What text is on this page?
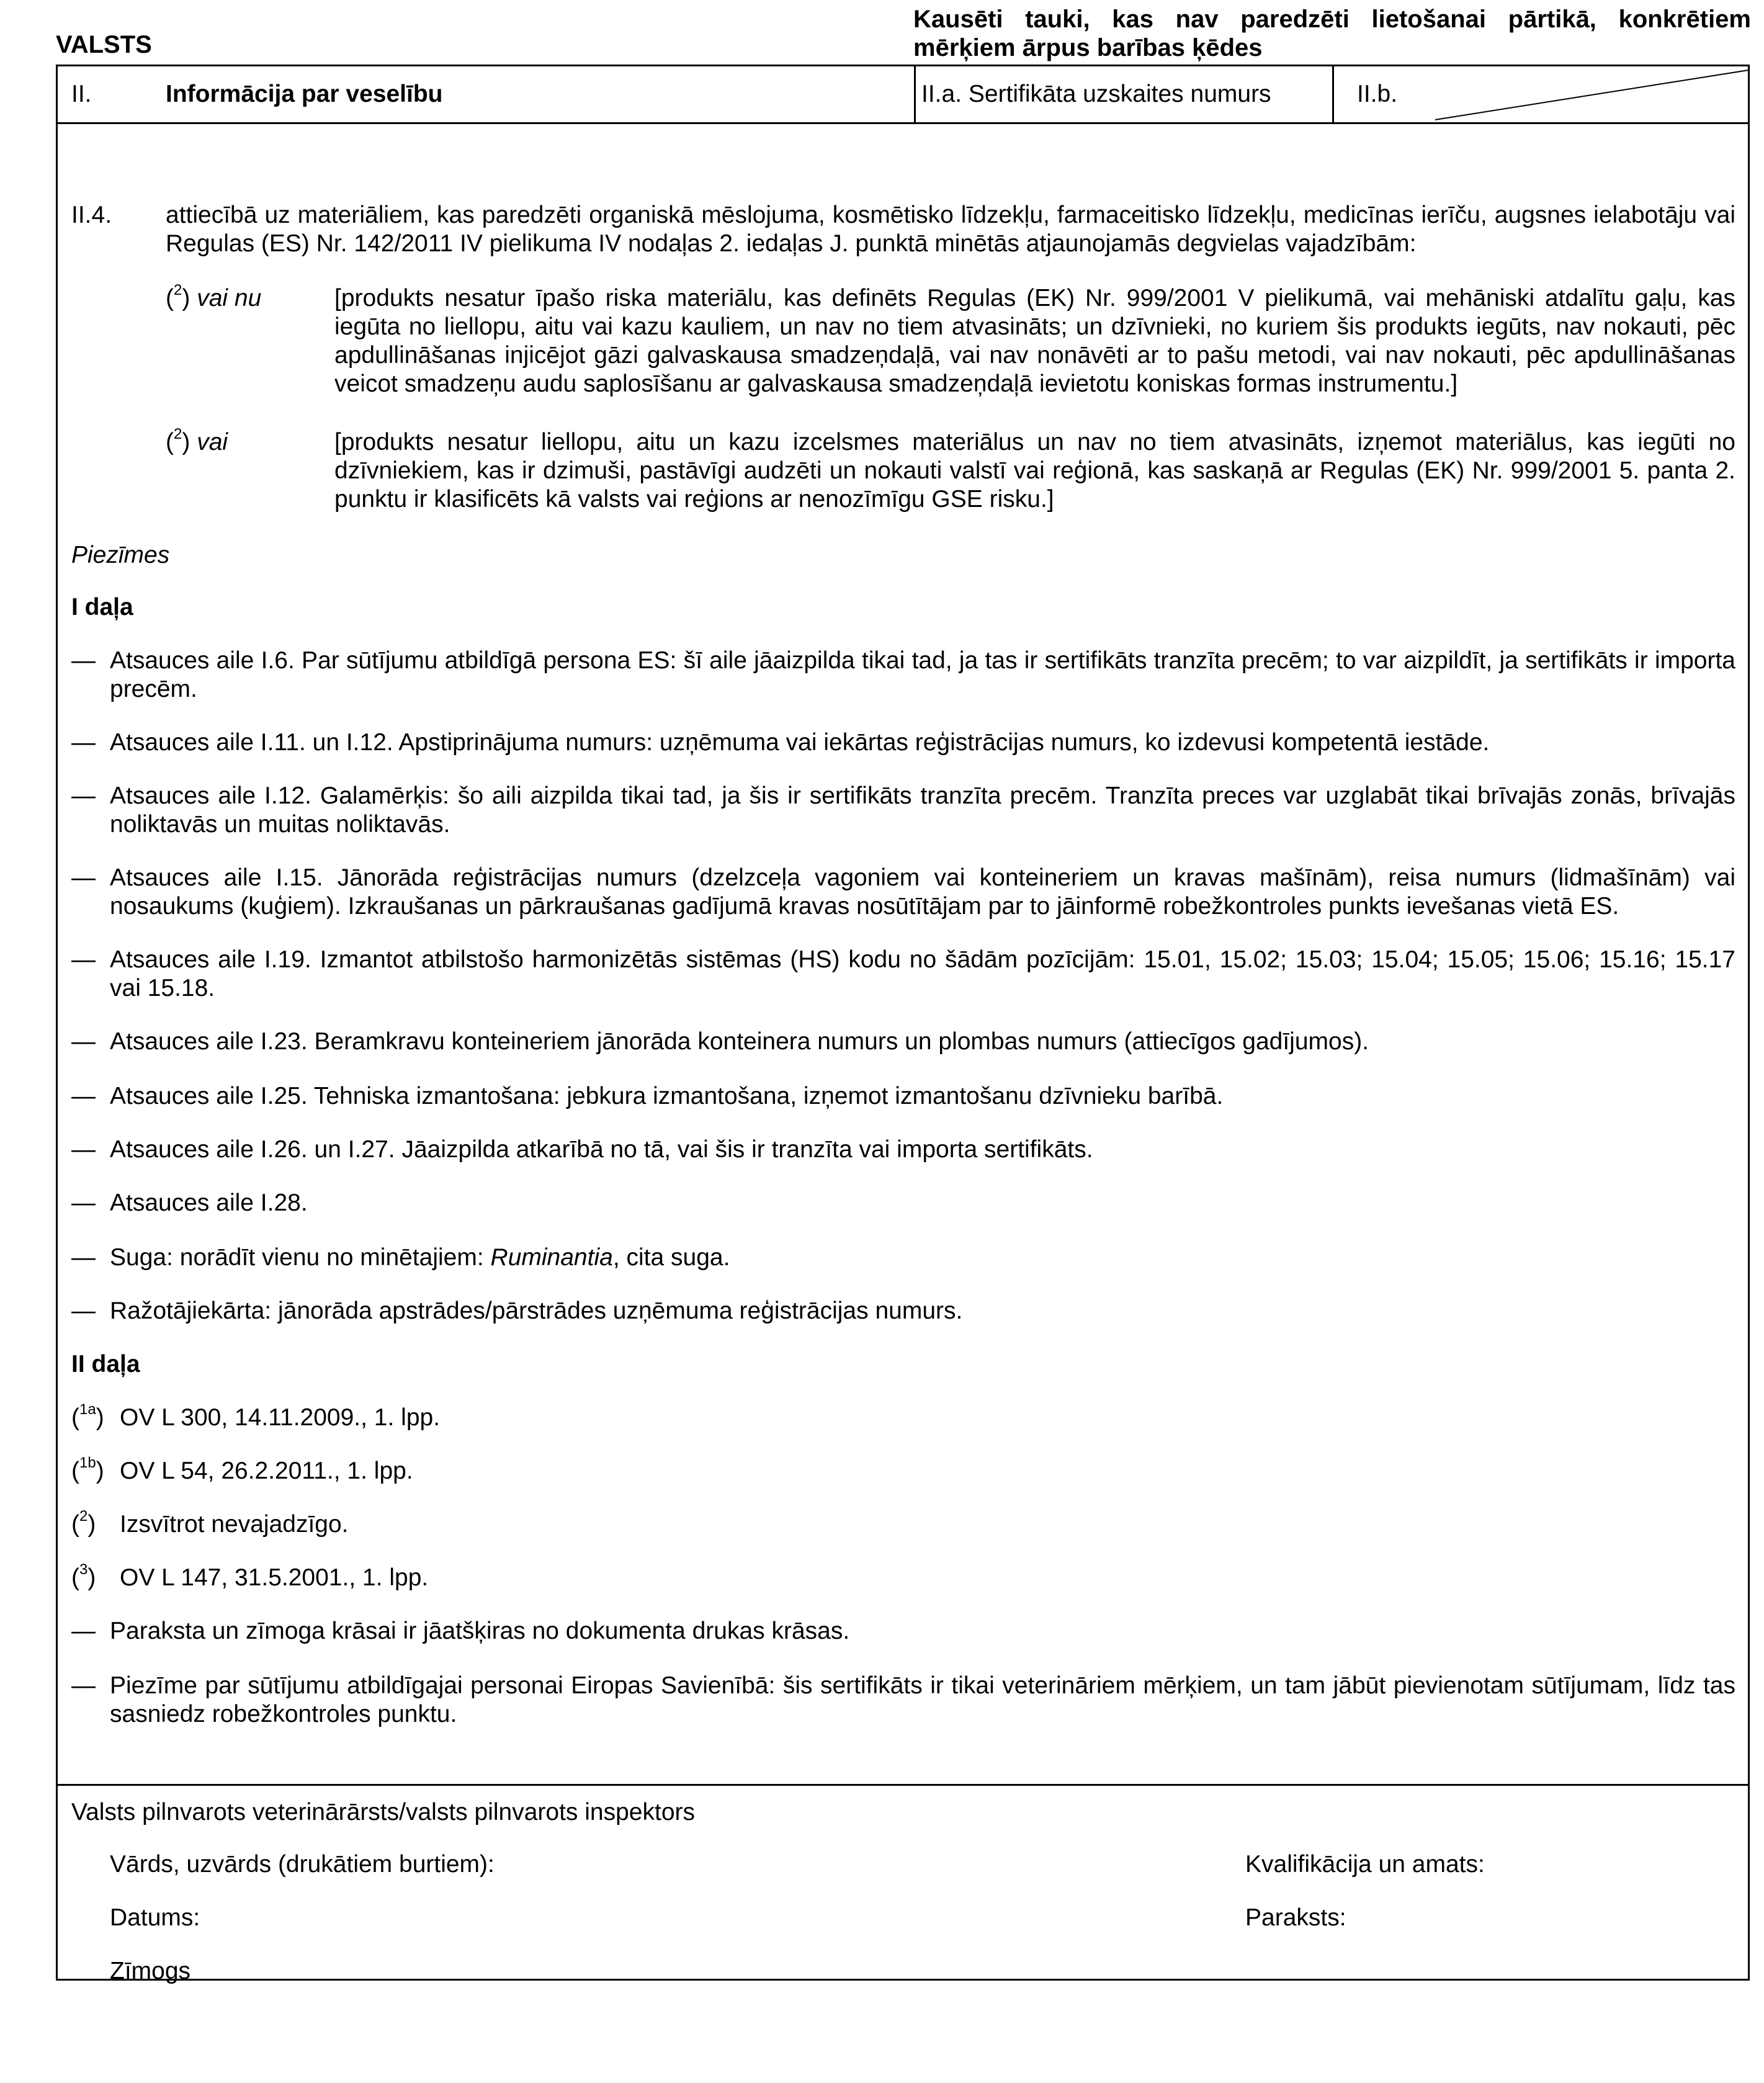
VALSTS
Kausēti tauki, kas nav paredzēti lietošanai pārtikā, konkrētiem mērķiem ārpus barības ķēdes
II.	Informācija par veselību	II.a. Sertifikāta uzskaites numurs	II.b.
II.4. attiecībā uz materiāliem, kas paredzēti organiskā mēslojuma, kosmētisko līdzekļu, farmaceitisko līdzekļu, medicīnas ierīču, augsnes ielabotāju vai Regulas (ES) Nr. 142/2011 IV pielikuma IV nodaļas 2. iedaļas J. punktā minētās atjaunojamās degvielas vajadzībām:
($^2$) vai nu	[produkts nesatur īpašo riska materiālu, kas definēts Regulas (EK) Nr. 999/2001 V pielikumā, vai mehāniski atdalītu gaļu, kas iegūta no liellopu, aitu vai kazu kauliem, un nav no tiem atvasināts; un dzīvnieki, no kuriem šis produkts iegūts, nav nokauti, pēc apdullināšanas injicējot gāzi galvaskausa smadzeņdaļā, vai nav nonāvēti ar to pašu metodi, vai nav nokauti, pēc apdullināšanas veicot smadzeņu audu saplosīšanu ar galvaskausa smadzeņdaļā ievietotu koniskas formas instrumentu.]
($^2$) vai	[produkts nesatur liellopu, aitu un kazu izcelsmes materiālus un nav no tiem atvasināts, izņemot materiālus, kas iegūti no dzīvniekiem, kas ir dzimuši, pastāvīgi audzēti un nokauti valstī vai reģionā, kas saskaņā ar Regulas (EK) Nr. 999/2001 5. panta 2. punktu ir klasificēts kā valsts vai reģions ar nenozīmīgu GSE risku.]
Piezīmes
I daļa
— Atsauces aile I.6. Par sūtījumu atbildīgā persona ES: šī aile jāaizpilda tikai tad, ja tas ir sertifikāts tranzīta precēm; to var aizpildīt, ja sertifikāts ir importa precēm.
— Atsauces aile I.11. un I.12. Apstiprinājuma numurs: uzņēmuma vai iekārtas reģistrācijas numurs, ko izdevusi kompetentā iestāde.
— Atsauces aile I.12. Galamērķis: šo aili aizpilda tikai tad, ja šis ir sertifikāts tranzīta precēm. Tranzīta preces var uzglabāt tikai brīvajās zonās, brīvajās noliktavās un muitas noliktavās.
— Atsauces aile I.15. Jānorāda reģistrācijas numurs (dzelzceļa vagoniem vai konteineriem un kravas mašīnām), reisa numurs (lidmašīnām) vai nosaukums (kuģiem). Izkraušanas un pārkraušanas gadījumā kravas nosūtītājam par to jāinformē robežkontroles punkts ievešanas vietā ES.
— Atsauces aile I.19. Izmantot atbilstošo harmonizētās sistēmas (HS) kodu no šādām pozīcijām: 15.01, 15.02; 15.03; 15.04; 15.05; 15.06; 15.16; 15.17 vai 15.18.
— Atsauces aile I.23. Beramkravu konteineriem jānorāda konteinera numurs un plombas numurs (attiecīgos gadījumos).
— Atsauces aile I.25. Tehniska izmantošana: jebkura izmantošana, izņemot izmantošanu dzīvnieku barībā.
— Atsauces aile I.26. un I.27. Jāaizpilda atkarībā no tā, vai šis ir tranzīta vai importa sertifikāts.
— Atsauces aile I.28.
— Suga: norādīt vienu no minētajiem: Ruminantia, cita suga.
— Ražotājiekārta: jānorāda apstrādes/pārstrādes uzņēmuma reģistrācijas numurs.
II daļa
($^{1a}$) OV L 300, 14.11.2009., 1. lpp.
($^{1b}$) OV L 54, 26.2.2011., 1. lpp.
($^2$) Izsvītrot nevajadzīgo.
($^3$) OV L 147, 31.5.2001., 1. lpp.
— Paraksta un zīmoga krāsai ir jāatšķiras no dokumenta drukas krāsas.
— Piezīme par sūtījumu atbildīgajai personai Eiropas Savienībā: šis sertifikāts ir tikai veterināriem mērķiem, un tam jābūt pievienotam sūtījumam, līdz tas sasniedz robežkontroles punktu.
Valsts pilnvarots veterinārārsts/valsts pilnvarots inspektors
Vārds, uzvārds (drukātiem burtiem):	Kvalifikācija un amats:
Datums:	Paraksts:
Zīmogs
